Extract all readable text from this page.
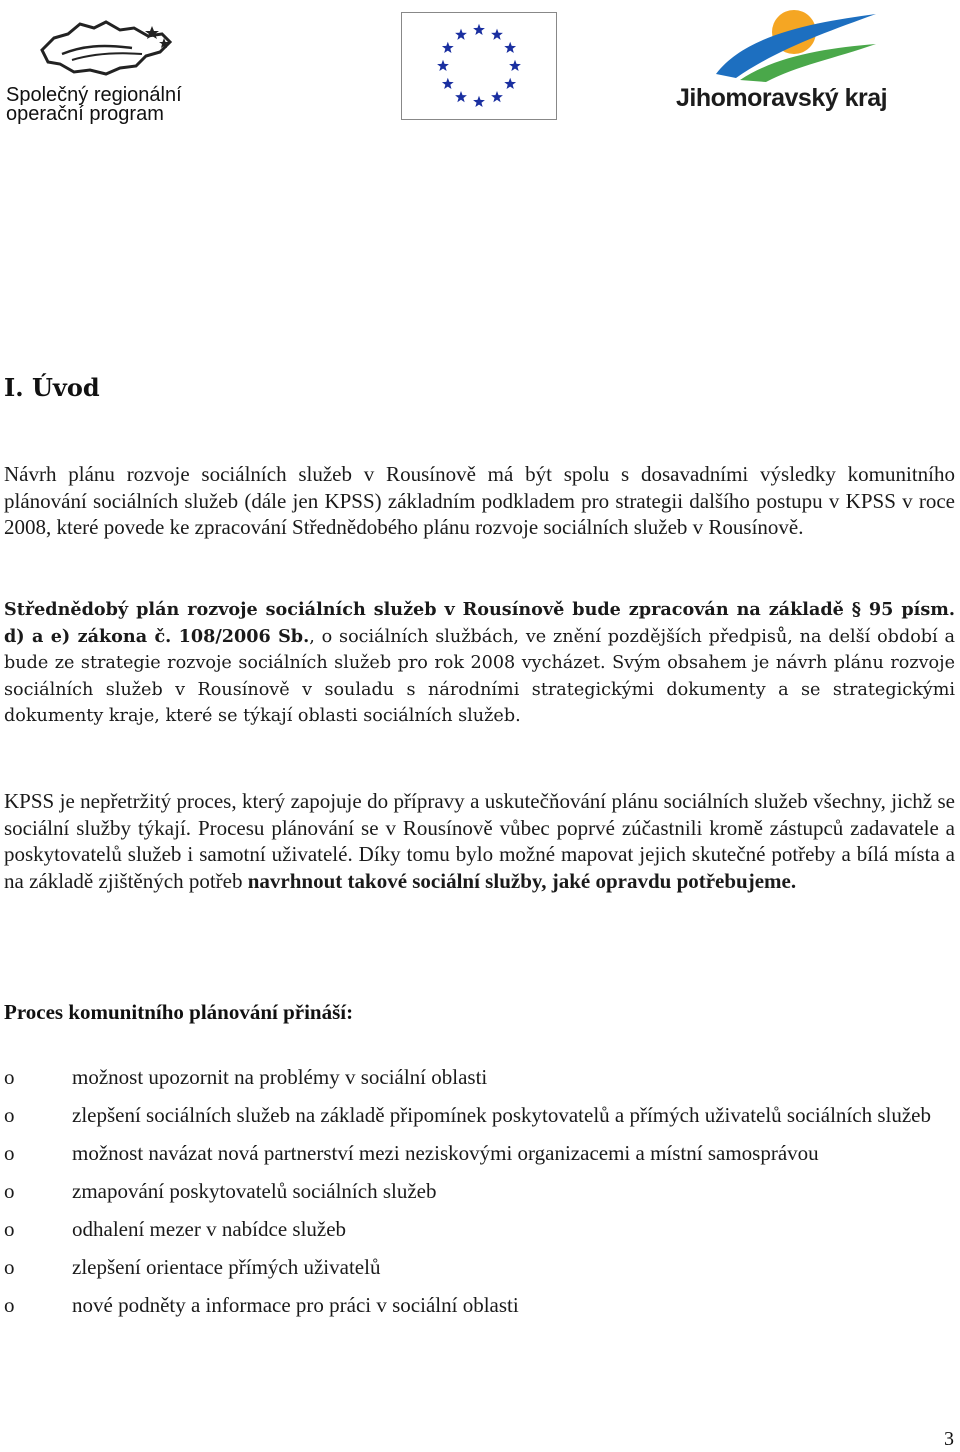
Společný regionální
operační program
Jihomoravský kraj
I. Úvod

Návrh plánu rozvoje sociálních služeb v Rousínově má být spolu s dosavadními výsledky komunitního plánování sociálních služeb (dále jen KPSS) základním podkladem pro strategii dalšího postupu v KPSS v roce 2008, které povede ke zpracování Střednědobého plánu rozvoje sociálních služeb v Rousínově.

Střednědobý plán rozvoje sociálních služeb v Rousínově bude zpracován na základě § 95 písm. d) a e) zákona č. 108/2006 Sb., o sociálních službách, ve znění pozdějších předpisů, na delší období a bude ze strategie rozvoje sociálních služeb pro rok 2008 vycházet. Svým obsahem je návrh plánu rozvoje sociálních služeb v Rousínově v souladu s národními strategickými dokumenty a se strategickými dokumenty kraje, které se týkají oblasti sociálních služeb.

KPSS je nepřetržitý proces, který zapojuje do přípravy a uskutečňování plánu sociálních služeb všechny, jichž se sociální služby týkají. Procesu plánování se v Rousínově vůbec poprvé zúčastnili kromě zástupců zadavatele a poskytovatelů služeb i samotní uživatelé. Díky tomu bylo možné mapovat jejich skutečné potřeby a bílá místa a na základě zjištěných potřeb navrhnout takové sociální služby, jaké opravdu potřebujeme.

Proces komunitního plánování přináší:
o	možnost upozornit na problémy v sociální oblasti
o	zlepšení sociálních služeb na základě připomínek poskytovatelů a přímých uživatelů sociálních služeb
o	možnost navázat nová partnerství mezi neziskovými organizacemi a místní samosprávou
o	zmapování poskytovatelů sociálních služeb
o	odhalení mezer v nabídce služeb
o	zlepšení orientace přímých uživatelů
o	nové podněty a informace pro práci v sociální oblasti
3
